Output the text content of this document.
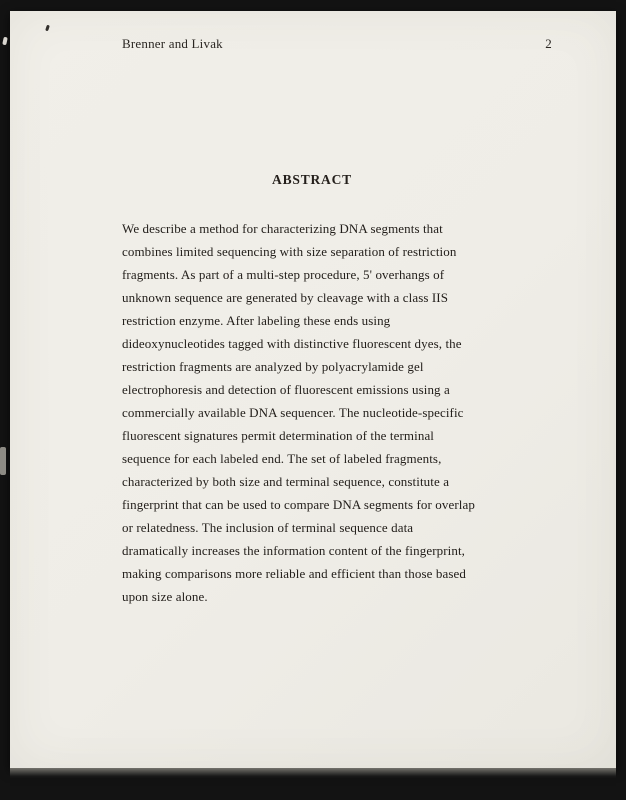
Brenner and Livak	2
ABSTRACT
We describe a method for characterizing DNA segments that
combines limited sequencing with size separation of restriction
fragments. As part of a multi-step procedure, 5' overhangs of
unknown sequence are generated by cleavage with a class IIS
restriction enzyme. After labeling these ends using
dideoxynucleotides tagged with distinctive fluorescent dyes, the
restriction fragments are analyzed by polyacrylamide gel
electrophoresis and detection of fluorescent emissions using a
commercially available DNA sequencer. The nucleotide-specific
fluorescent signatures permit determination of the terminal
sequence for each labeled end. The set of labeled fragments,
characterized by both size and terminal sequence, constitute a
fingerprint that can be used to compare DNA segments for overlap
or relatedness. The inclusion of terminal sequence data
dramatically increases the information content of the fingerprint,
making comparisons more reliable and efficient than those based
upon size alone.
